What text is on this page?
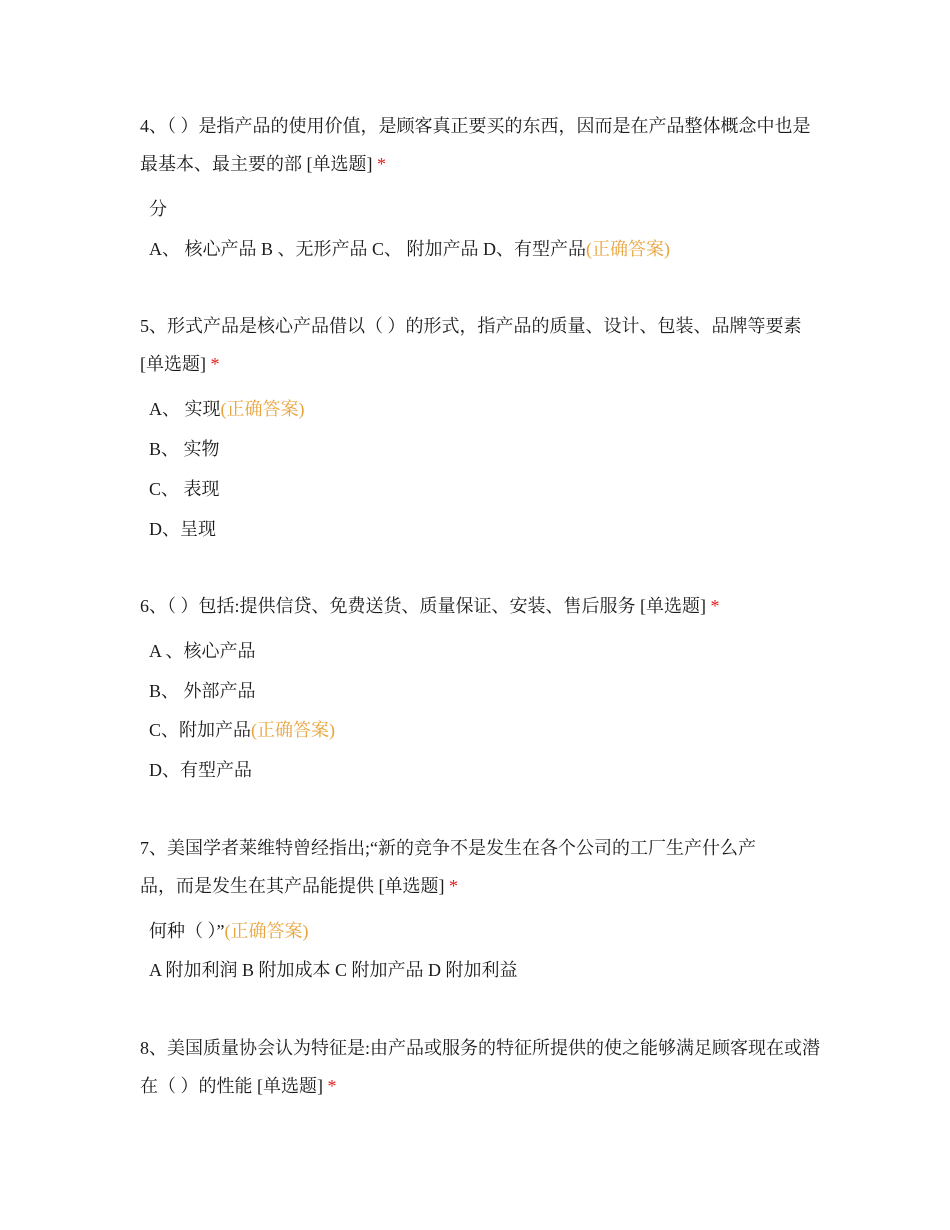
4、（ ）是指产品的使用价值，是顾客真正要买的东西，因而是在产品整体概念中也是最基本、最主要的部 [单选题] *

分
A、 核心产品 B 、无形产品 C、 附加产品 D、有型产品(正确答案)

5、形式产品是核心产品借以（ ）的形式，指产品的质量、设计、包装、品牌等要素 [单选题] *

A、 实现(正确答案)
B、 实物
C、 表现
D、呈现

6、（ ）包括:提供信贷、免费送货、质量保证、安装、售后服务 [单选题] *

A 、核心产品
B、 外部产品
C、附加产品(正确答案)
D、有型产品

7、美国学者莱维特曾经指出;“新的竞争不是发生在各个公司的工厂生产什么产品，而是发生在其产品能提供 [单选题] *

何种（ ）”(正确答案)
A 附加利润 B 附加成本 C 附加产品 D 附加利益

8、美国质量协会认为特征是:由产品或服务的特征所提供的使之能够满足顾客现在或潜在（ ）的性能 [单选题] *
